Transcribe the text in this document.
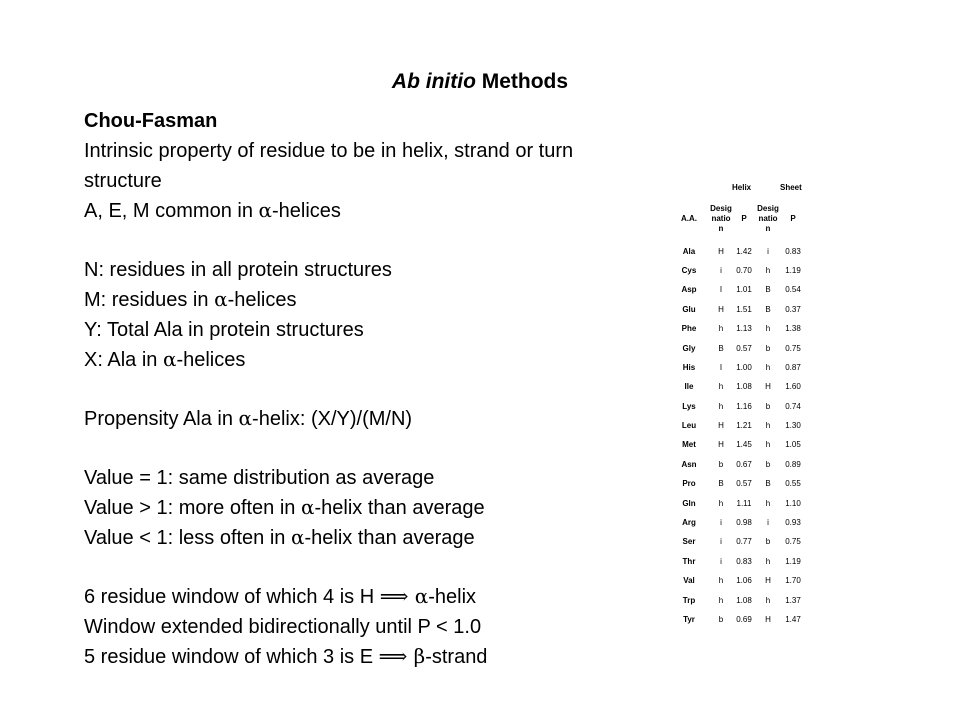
Ab initio Methods
Chou-Fasman
Intrinsic property of residue to be in helix, strand or turn
structure
A, E, M common in α-helices
N: residues in all protein structures
M: residues in α-helices
Y: Total Ala in protein structures
X: Ala in α-helices
Propensity Ala in α-helix: (X/Y)/(M/N)
Value = 1: same distribution as average
Value > 1: more often in α-helix than average
Value < 1: less often in α-helix than average
6 residue window of which 4 is H ⟹ α-helix
Window extended bidirectionally until P < 1.0
5 residue window of which 3 is E ⟹ β-strand
		Helix		Sheet
A.A.	Desig
natio
n	P	Desig
natio
n	P
Ala	H	1.42	i	0.83
Cys	i	0.70	h	1.19
Asp	I	1.01	B	0.54
Glu	H	1.51	B	0.37
Phe	h	1.13	h	1.38
Gly	B	0.57	b	0.75
His	I	1.00	h	0.87
Ile	h	1.08	H	1.60
Lys	h	1.16	b	0.74
Leu	H	1.21	h	1.30
Met	H	1.45	h	1.05
Asn	b	0.67	b	0.89
Pro	B	0.57	B	0.55
Gln	h	1.11	h	1.10
Arg	i	0.98	i	0.93
Ser	i	0.77	b	0.75
Thr	i	0.83	h	1.19
Val	h	1.06	H	1.70
Trp	h	1.08	h	1.37
Tyr	b	0.69	H	1.47
